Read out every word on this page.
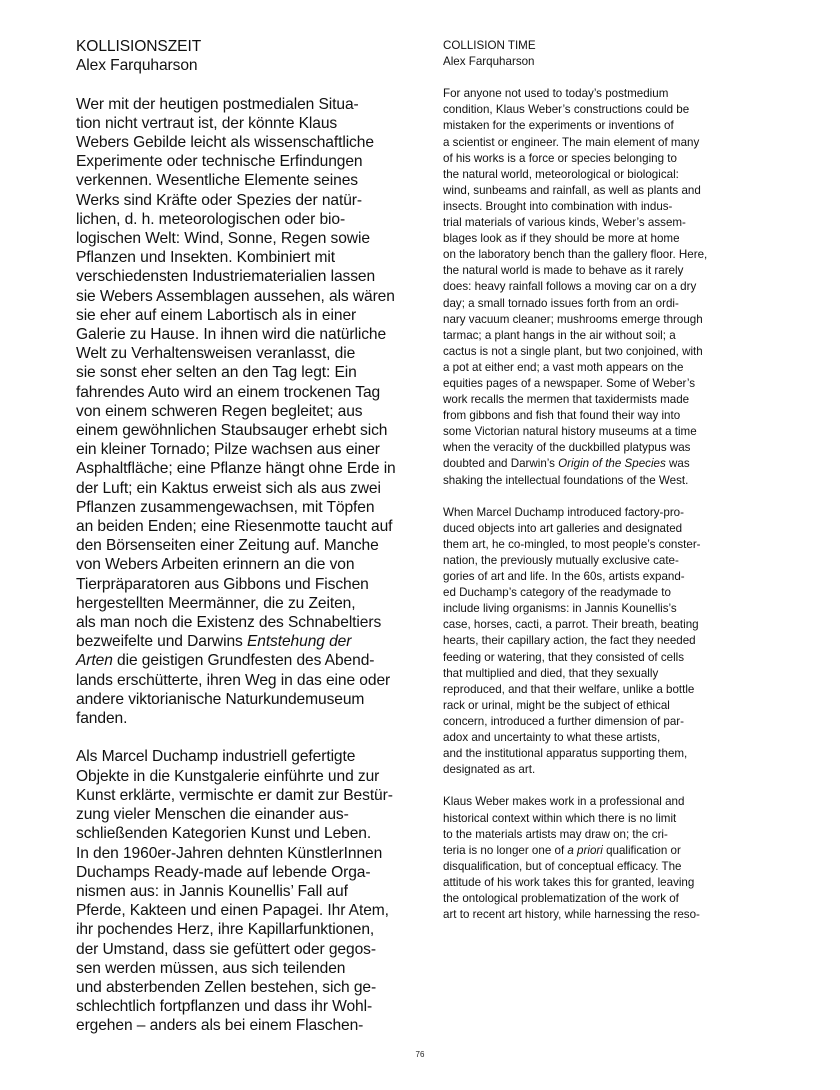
KOLLISIONSZEIT
Alex Farquharson
Wer mit der heutigen postmedialen Situa-
tion nicht vertraut ist, der könnte Klaus
Webers Gebilde leicht als wissenschaftliche
Experimente oder technische Erfindungen
verkennen. Wesentliche Elemente seines
Werks sind Kräfte oder Spezies der natür-
lichen, d. h. meteorologischen oder bio-
logischen Welt: Wind, Sonne, Regen sowie
Pflanzen und Insekten. Kombiniert mit
verschiedensten Industriematerialien lassen
sie Webers Assemblagen aussehen, als wären
sie eher auf einem Labortisch als in einer
Galerie zu Hause. In ihnen wird die natürliche
Welt zu Verhaltensweisen veranlasst, die
sie sonst eher selten an den Tag legt: Ein
fahrendes Auto wird an einem trockenen Tag
von einem schweren Regen begleitet; aus
einem gewöhnlichen Staubsauger erhebt sich
ein kleiner Tornado; Pilze wachsen aus einer
Asphaltfläche; eine Pflanze hängt ohne Erde in
der Luft; ein Kaktus erweist sich als aus zwei
Pflanzen zusammengewachsen, mit Töpfen
an beiden Enden; eine Riesenmotte taucht auf
den Börsenseiten einer Zeitung auf. Manche
von Webers Arbeiten erinnern an die von
Tierpräparatoren aus Gibbons und Fischen
hergestellten Meermänner, die zu Zeiten,
als man noch die Existenz des Schnabeltiers
bezweifelte und Darwins Entstehung der
Arten die geistigen Grundfesten des Abend-
lands erschütterte, ihren Weg in das eine oder
andere viktorianische Naturkundemuseum
fanden.
Als Marcel Duchamp industriell gefertigte
Objekte in die Kunstgalerie einführte und zur
Kunst erklärte, vermischte er damit zur Bestür-
zung vieler Menschen die einander aus-
schließenden Kategorien Kunst und Leben.
In den 1960er-Jahren dehnten KünstlerInnen
Duchamps Ready-made auf lebende Orga-
nismen aus: in Jannis Kounellis’ Fall auf
Pferde, Kakteen und einen Papagei. Ihr Atem,
ihr pochendes Herz, ihre Kapillarfunktionen,
der Umstand, dass sie gefüttert oder gegos-
sen werden müssen, aus sich teilenden
und absterbenden Zellen bestehen, sich ge-
schlechtlich fortpflanzen und dass ihr Wohl-
ergehen – anders als bei einem Flaschen-
COLLISION TIME
Alex Farquharson
For anyone not used to today’s postmedium
condition, Klaus Weber’s constructions could be
mistaken for the experiments or inventions of
a scientist or engineer. The main element of many
of his works is a force or species belonging to
the natural world, meteorological or biological:
wind, sunbeams and rainfall, as well as plants and
insects. Brought into combination with indus-
trial materials of various kinds, Weber’s assem-
blages look as if they should be more at home
on the laboratory bench than the gallery floor. Here,
the natural world is made to behave as it rarely
does: heavy rainfall follows a moving car on a dry
day; a small tornado issues forth from an ordi-
nary vacuum cleaner; mushrooms emerge through
tarmac; a plant hangs in the air without soil; a
cactus is not a single plant, but two conjoined, with
a pot at either end; a vast moth appears on the
equities pages of a newspaper. Some of Weber’s
work recalls the mermen that taxidermists made
from gibbons and fish that found their way into
some Victorian natural history museums at a time
when the veracity of the duckbilled platypus was
doubted and Darwin’s Origin of the Species was
shaking the intellectual foundations of the West.
When Marcel Duchamp introduced factory-pro-
duced objects into art galleries and designated
them art, he co-mingled, to most people’s conster-
nation, the previously mutually exclusive cate-
gories of art and life. In the 60s, artists expand-
ed Duchamp’s category of the readymade to
include living organisms: in Jannis Kounellis’s
case, horses, cacti, a parrot. Their breath, beating
hearts, their capillary action, the fact they needed
feeding or watering, that they consisted of cells
that multiplied and died, that they sexually
reproduced, and that their welfare, unlike a bottle
rack or urinal, might be the subject of ethical
concern, introduced a further dimension of par-
adox and uncertainty to what these artists,
and the institutional apparatus supporting them,
designated as art.
Klaus Weber makes work in a professional and
historical context within which there is no limit
to the materials artists may draw on; the cri-
teria is no longer one of a priori qualification or
disqualification, but of conceptual efficacy. The
attitude of his work takes this for granted, leaving
the ontological problematization of the work of
art to recent art history, while harnessing the reso-
76
